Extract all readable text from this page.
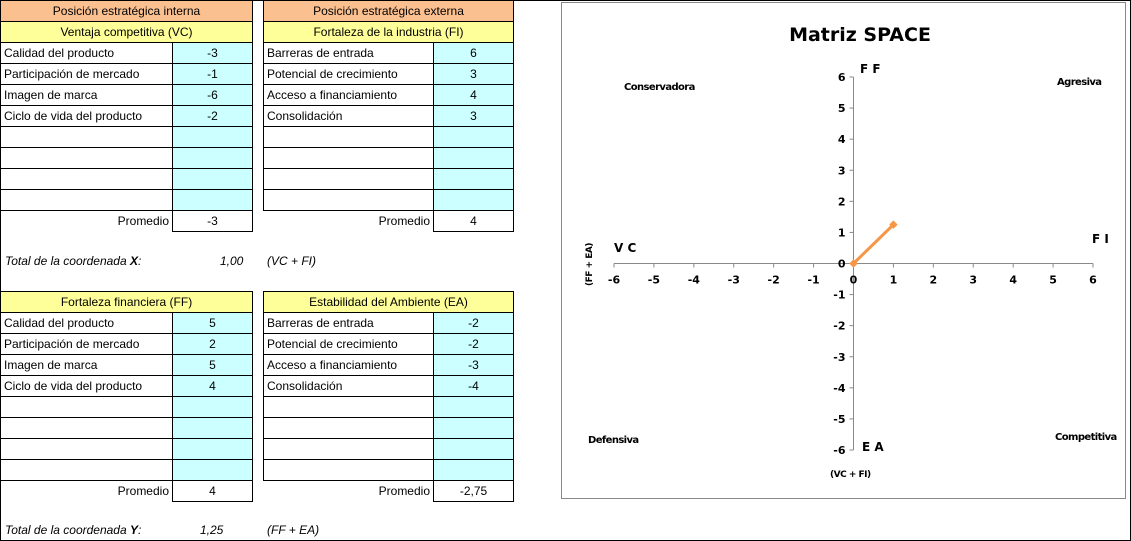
Posición estratégica interna	
Ventaja competitiva (VC)	
Calidad del producto	-3
Participación de mercado	-1
Imagen de marca	-6
Ciclo de vida del producto	-2

Promedio	-3
Posición estratégica externa	
Fortaleza de la industria (FI)	
Barreras de entrada	6
Potencial de crecimiento	3
Acceso a financiamiento	4
Consolidación	3

Promedio	4
Fortaleza financiera (FF)	
Calidad del producto	5
Participación de mercado	2
Imagen de marca	5
Ciclo de vida del producto	4

Promedio	4
Estabilidad del Ambiente (EA)	
Barreras de entrada	-2
Potencial de crecimiento	-2
Acceso a financiamiento	-3
Consolidación	-4

Promedio	-2,75
Total de la coordenada X:	1,00 (VC + FI)
Total de la coordenada Y:	1,25	(FF + EA)
Matriz SPACE
-6	-5	-4	-3	-2	-1	0	1	2	3	4	5	6
-6
-5
-4
-3
-2
-1
0
1
2
3
4
5
6
F F
E A
V C
F I
Conservadora	Agresiva
Defensiva	Competitiva
(VC + FI)
(FF + EA)
